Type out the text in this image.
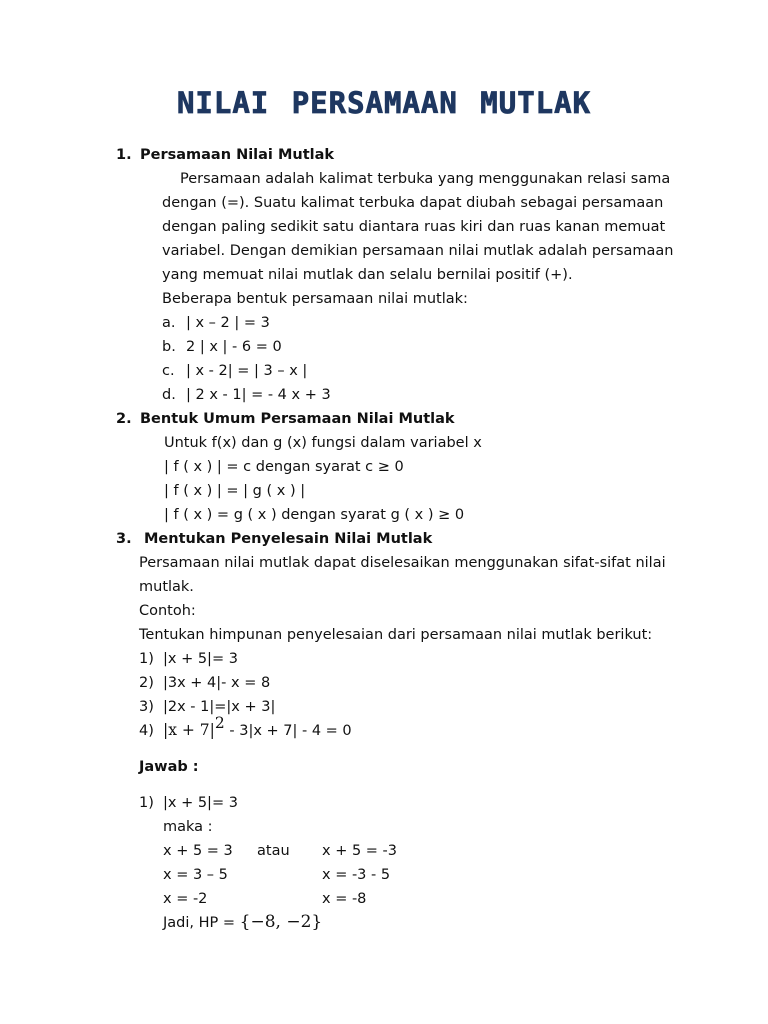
NILAI PERSAMAAN MUTLAK
1. Persamaan Nilai Mutlak
Persamaan adalah kalimat terbuka yang menggunakan relasi sama
dengan (=). Suatu kalimat terbuka dapat diubah sebagai persamaan
dengan paling sedikit satu diantara ruas kiri dan ruas kanan memuat
variabel. Dengan demikian persamaan nilai mutlak adalah persamaan
yang memuat nilai mutlak dan selalu bernilai positif (+).
Beberapa bentuk persamaan nilai mutlak:
a. | x – 2 | = 3
b. 2 | x | - 6 = 0
c. | x - 2| = | 3 – x |
d. | 2 x - 1| = - 4 x + 3
2. Bentuk Umum Persamaan Nilai Mutlak
Untuk f(x) dan g (x) fungsi dalam variabel x
| f ( x ) | = c dengan syarat c ≥ 0
| f ( x ) | = | g ( x ) |
| f ( x ) = g ( x ) dengan syarat g ( x ) ≥ 0
3. Mentukan Penyelesain Nilai Mutlak
Persamaan nilai mutlak dapat diselesaikan menggunakan sifat-sifat nilai
mutlak.
Contoh:
Tentukan himpunan penyelesaian dari persamaan nilai mutlak berikut:
1) |x + 5|= 3
2) |3x + 4|- x = 8
3) |2x - 1|=|x + 3|
4) $|x + 7|^2 - 3|x + 7| - 4 = 0$
Jawab :
1) |x + 5|= 3
maka :
x + 5 = 3 atau x + 5 = -3
x = 3 – 5	x = -3 - 5
x = -2	x = -8
Jadi, HP = {−8, −2}
